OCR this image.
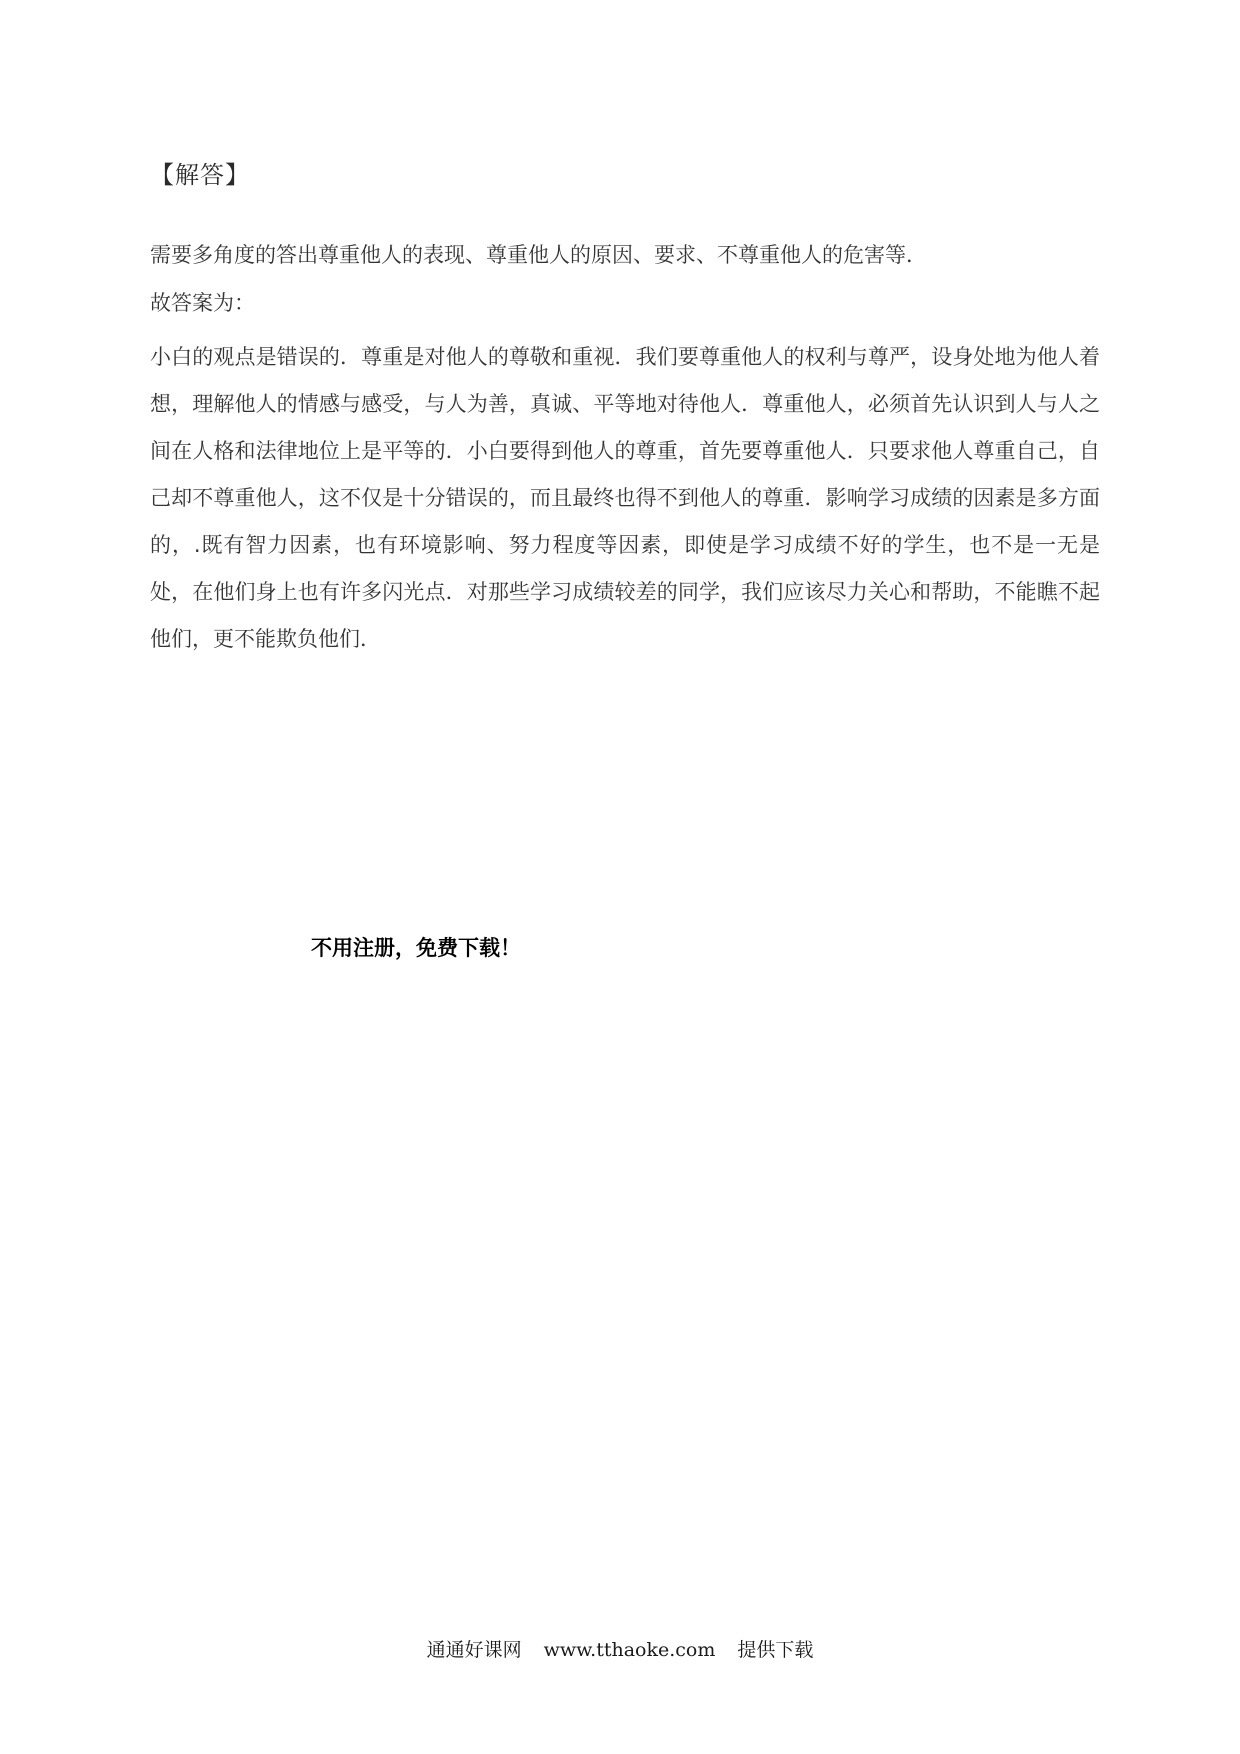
【解答】
需要多角度的答出尊重他人的表现、尊重他人的原因、要求、不尊重他人的危害等．
故答案为：
小白的观点是错误的．尊重是对他人的尊敬和重视．我们要尊重他人的权利与尊严，设身处地为他人着想，理解他人的情感与感受，与人为善，真诚、平等地对待他人．尊重他人，必须首先认识到人与人之间在人格和法律地位上是平等的．小白要得到他人的尊重，首先要尊重他人．只要求他人尊重自己，自己却不尊重他人，这不仅是十分错误的，而且最终也得不到他人的尊重．影响学习成绩的因素是多方面的，.既有智力因素，也有环境影响、努力程度等因素，即使是学习成绩不好的学生，也不是一无是处，在他们身上也有许多闪光点．对那些学习成绩较差的同学，我们应该尽力关心和帮助，不能瞧不起他们，更不能欺负他们．
不用注册，免费下载！
通通好课网 www.tthaoke.com 提供下载
